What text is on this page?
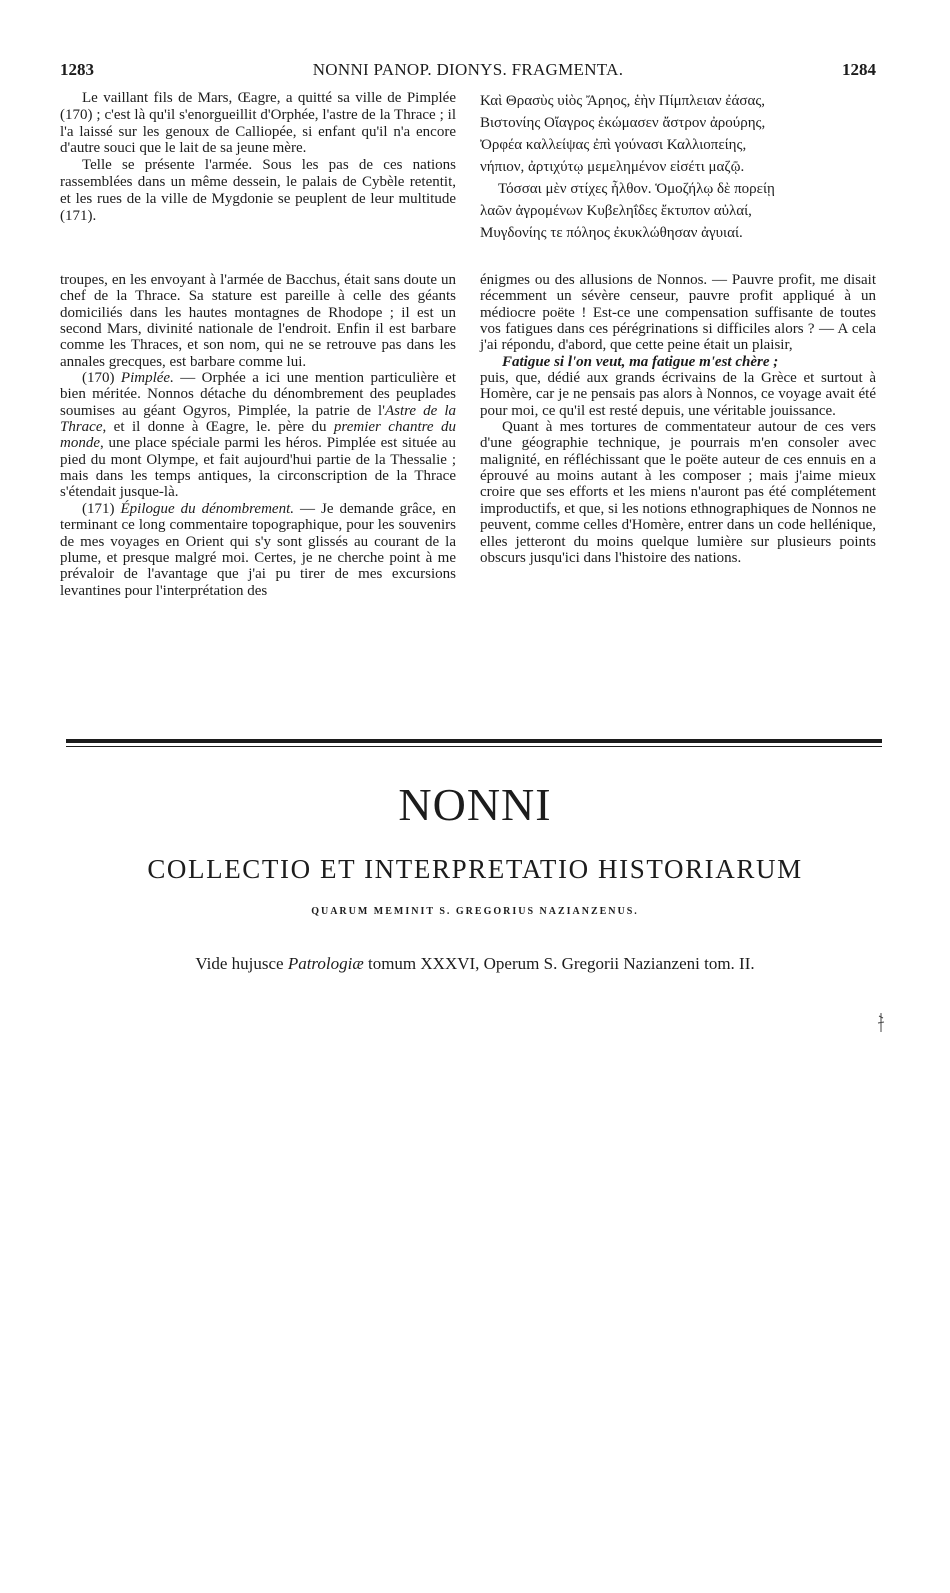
1283	NONNI PANOP. DIONYS. FRAGMENTA.	1284

Le vaillant fils de Mars, Œagre, a quitté sa ville de Pimplée (170) ; c'est là qu'il s'enorgueillit d'Orphée, l'astre de la Thrace ; il l'a laissé sur les genoux de Calliopée, si enfant qu'il n'a encore d'autre souci que le lait de sa jeune mère.

Telle se présente l'armée. Sous les pas de ces nations rassemblées dans un même dessein, le palais de Cybèle retentit, et les rues de la ville de Mygdonie se peuplent de leur multitude (171).

Καὶ Θρασὺς υἱὸς Ἄρηος, ἑὴν Πίμπλειαν ἐάσας,

Βιστονίης Οἴαγρος ἐκώμασεν ἄστρον ἀρούρης,

Ὀρφέα καλλείψας ἐπὶ γούνασι Καλλιοπείης,

νήπιον, ἀρτιχύτῳ μεμελημένον εἰσέτι μαζῷ.

Τόσσαι μὲν στίχες ἦλθον. Ὁμοζήλῳ δὲ πορείῃ

λαῶν ἀγρομένων Κυβεληΐδες ἔκτυπον αὐλαί,

Μυγδονίης τε πόληος ἐκυκλώθησαν ἀγυιαί.

troupes, en les envoyant à l'armée de Bacchus, était sans doute un chef de la Thrace. Sa stature est pareille à celle des géants domiciliés dans les hautes montagnes de Rhodope ; il est un second Mars, divinité nationale de l'endroit. Enfin il est barbare comme les Thraces, et son nom, qui ne se retrouve pas dans les annales grecques, est barbare comme lui.

(170) Pimplée. — Orphée a ici une mention particulière et bien méritée. Nonnos détache du dénombrement des peuplades soumises au géant Ogyros, Pimplée, la patrie de l'Astre de la Thrace, et il donne à Œagre, le. père du premier chantre du monde, une place spéciale parmi les héros. Pimplée est située au pied du mont Olympe, et fait aujourd'hui partie de la Thessalie ; mais dans les temps antiques, la circonscription de la Thrace s'étendait jusque-là.

(171) Épilogue du dénombrement. — Je demande grâce, en terminant ce long commentaire topographique, pour les souvenirs de mes voyages en Orient qui s'y sont glissés au courant de la plume, et presque malgré moi. Certes, je ne cherche point à me prévaloir de l'avantage que j'ai pu tirer de mes excursions levantines pour l'interprétation des

énigmes ou des allusions de Nonnos. — Pauvre profit, me disait récemment un sévère censeur, pauvre profit appliqué à un médiocre poëte ! Est-ce une compensation suffisante de toutes vos fatigues dans ces pérégrinations si difficiles alors ? — A cela j'ai répondu, d'abord, que cette peine était un plaisir,

Fatigue si l'on veut, ma fatigue m'est chère ;

puis, que, dédié aux grands écrivains de la Grèce et surtout à Homère, car je ne pensais pas alors à Nonnos, ce voyage avait été pour moi, ce qu'il est resté depuis, une véritable jouissance.

Quant à mes tortures de commentateur autour de ces vers d'une géographie technique, je pourrais m'en consoler avec malignité, en réfléchissant que le poëte auteur de ces ennuis en a éprouvé au moins autant à les composer ; mais j'aime mieux croire que ses efforts et les miens n'auront pas été complétement improductifs, et que, si les notions ethnographiques de Nonnos ne peuvent, comme celles d'Homère, entrer dans un code hellénique, elles jetteront du moins quelque lumière sur plusieurs points obscurs jusqu'ici dans l'histoire des nations.

NONNI
COLLECTIO ET INTERPRETATIO HISTORIARUM
QUARUM MEMINIT S. GREGORIUS NAZIANZENUS.
Vide hujusce Patrologiæ tomum XXXVI, Operum S. Gregorii Nazianzeni tom. II.
